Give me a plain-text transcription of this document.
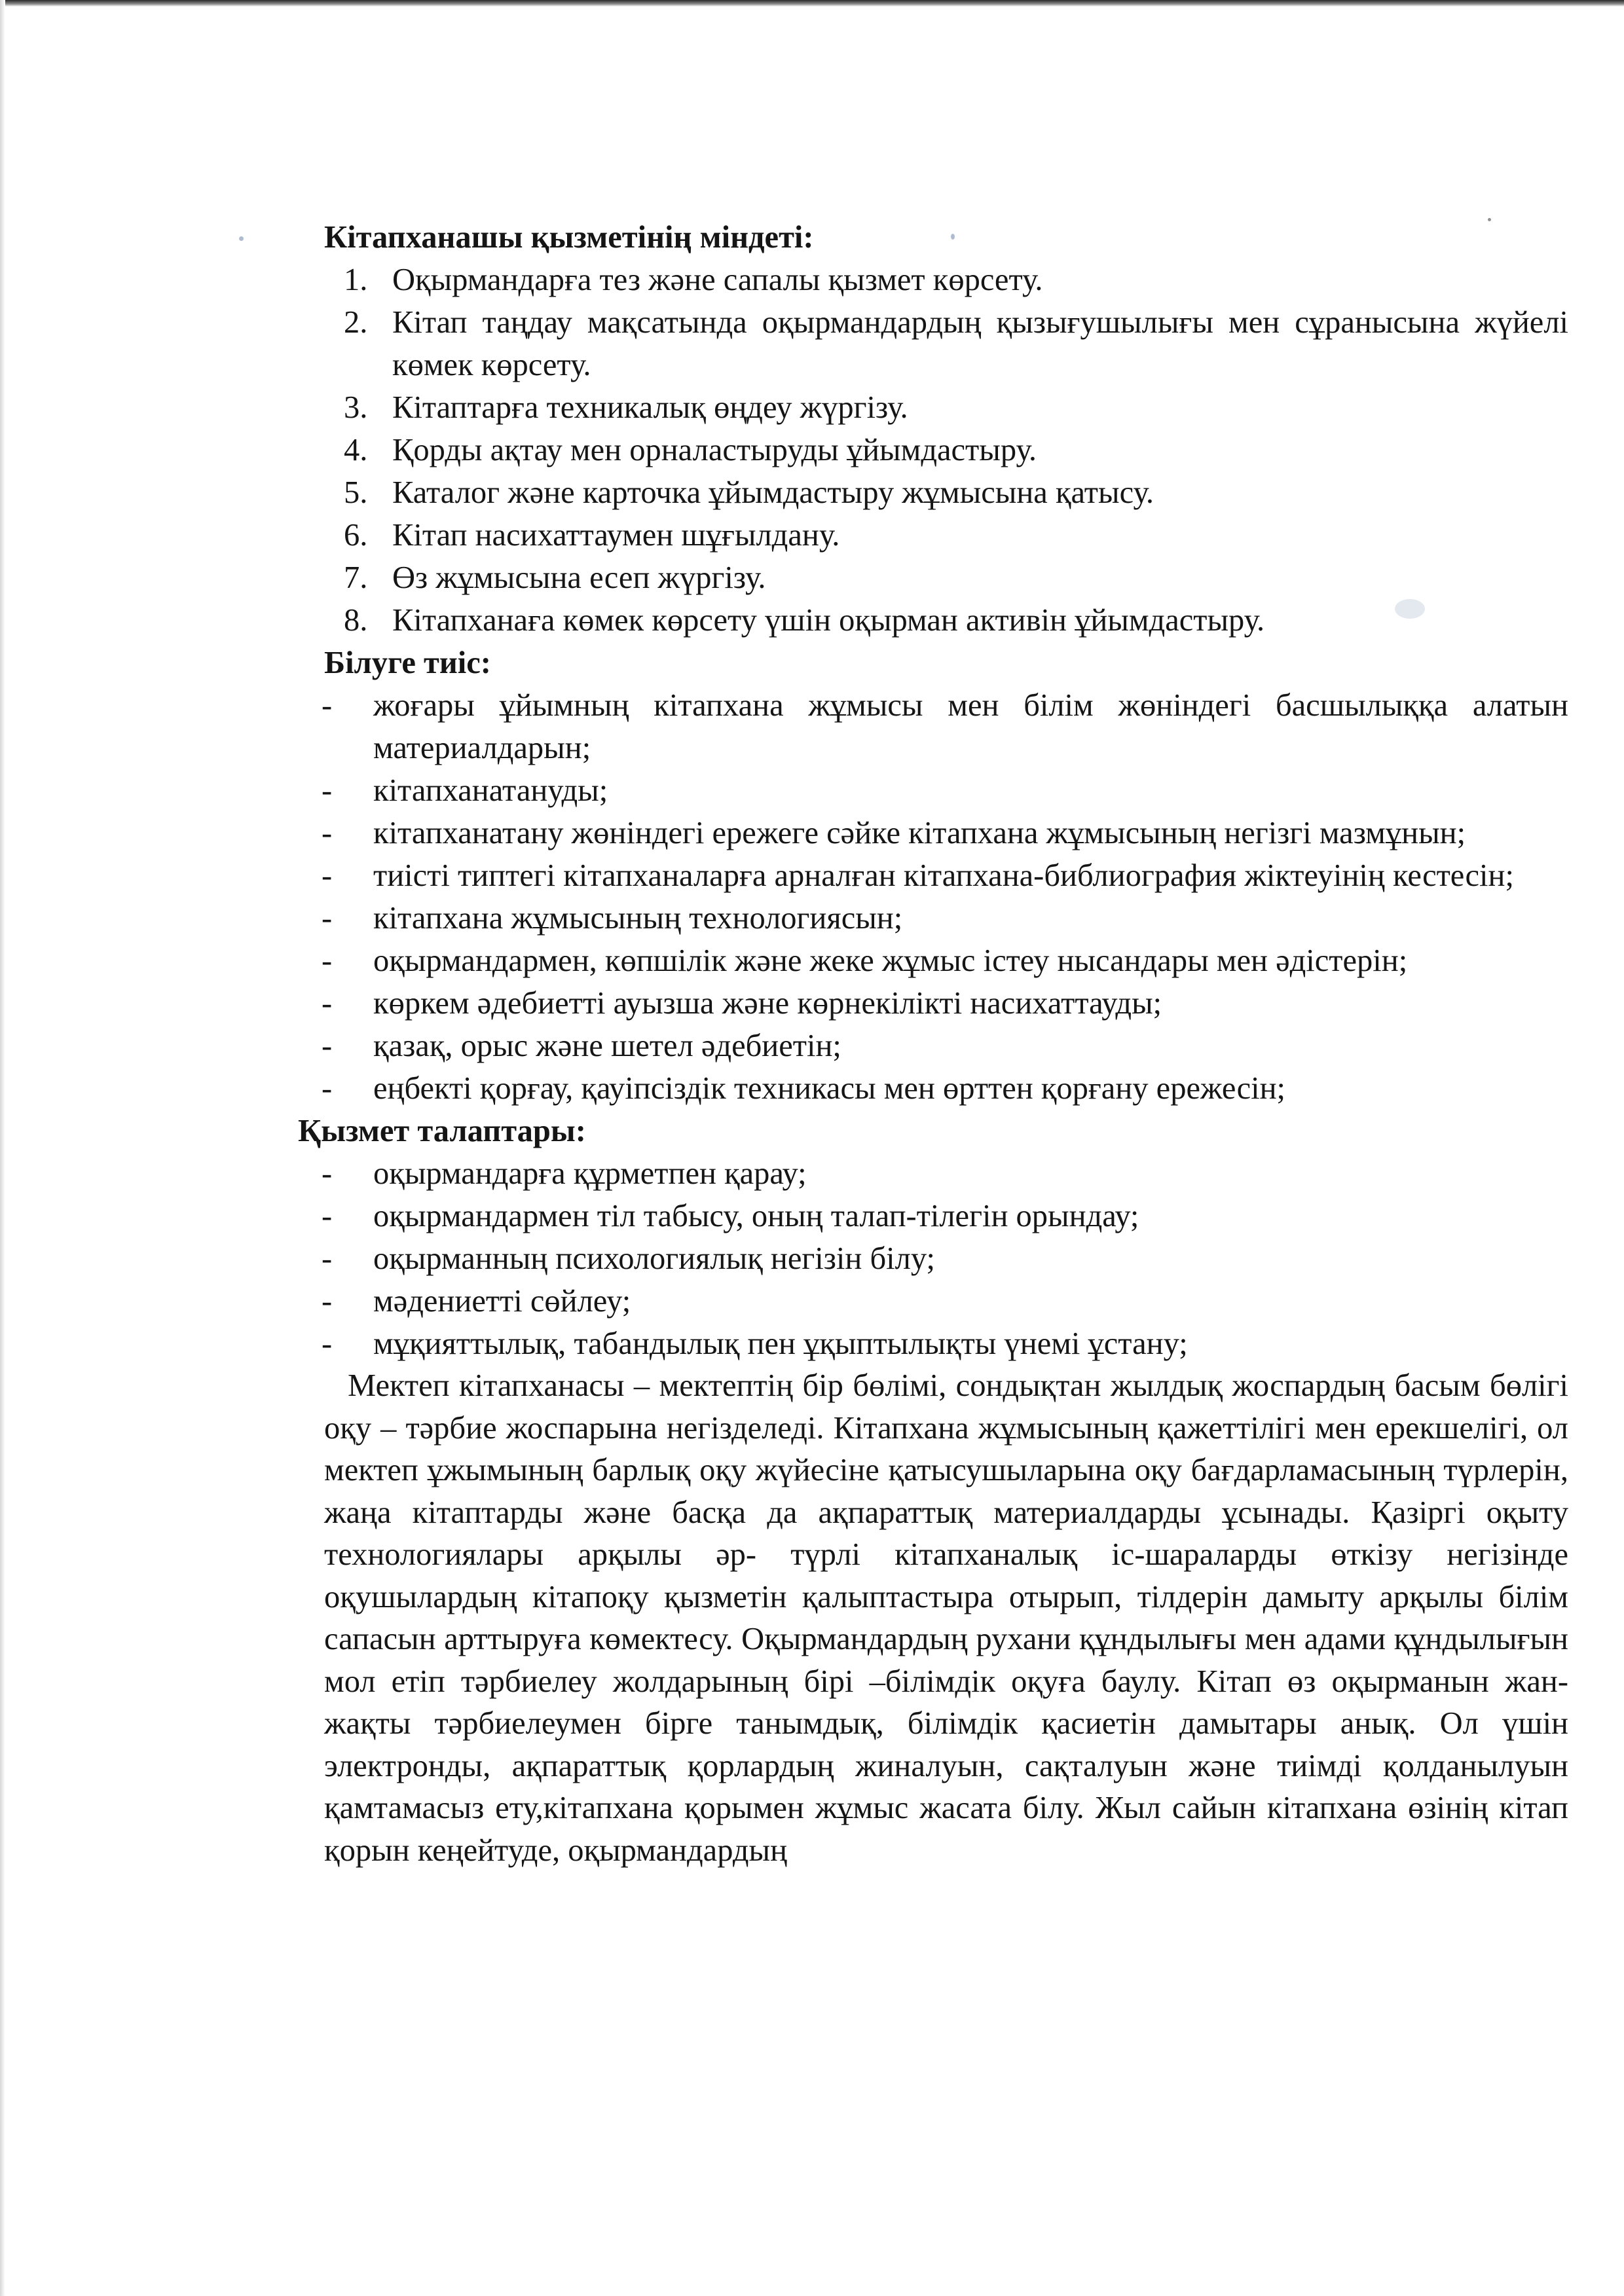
Кітапханашы қызметінің міндеті:

1. Оқырмандарға тез және сапалы қызмет көрсету.
2. Кітап таңдау мақсатында оқырмандардың қызығушылығы мен сұранысына жүйелі көмек көрсету.
3. Кітаптарға техникалық өңдеу жүргізу.
4. Қорды ақтау мен орналастыруды ұйымдастыру.
5. Каталог және карточка ұйымдастыру жұмысына қатысу.
6. Кітап насихаттаумен шұғылдану.
7. Өз жұмысына есеп жүргізу.
8. Кітапханаға көмек көрсету үшін оқырман активін ұйымдастыру.

Білуге тиіс:

- жоғары ұйымның кітапхана жұмысы мен білім жөніндегі басшылыққа алатын материалдарын;
- кітапханатануды;
- кітапханатану жөніндегі ережеге сәйке кітапхана жұмысының негізгі мазмұнын;
- тиісті типтегі кітапханаларға арналған кітапхана-библиография жіктеуінің кестесін;
- кітапхана жұмысының технологиясын;
- оқырмандармен, көпшілік және жеке жұмыс істеу нысандары мен әдістерін;
- көркем әдебиетті ауызша және көрнекілікті насихаттауды;
- қазақ, орыс және шетел әдебиетін;
- еңбекті қорғау, қауіпсіздік техникасы мен өрттен қорғану ережесін;

Қызмет талаптары:

- оқырмандарға құрметпен қарау;
- оқырмандармен тіл табысу, оның талап-тілегін орындау;
- оқырманның психологиялық негізін білу;
- мәдениетті сөйлеу;
- мұқияттылық, табандылық пен ұқыптылықты үнемі ұстану;

Мектеп кітапханасы – мектептің бір бөлімі, сондықтан жылдық жоспардың басым бөлігі оқу – тәрбие жоспарына негізделеді. Кітапхана жұмысының қажеттілігі мен ерекшелігі, ол мектеп ұжымының барлық оқу жүйесіне қатысушыларына оқу бағдарламасының түрлерін, жаңа кітаптарды және басқа да ақпараттық материалдарды ұсынады. Қазіргі оқыту технологиялары арқылы әр- түрлі кітапханалық іс-шараларды өткізу негізінде оқушылардың кітапоқу қызметін қалыптастыра отырып, тілдерін дамыту арқылы білім сапасын арттыруға көмектесу. Оқырмандардың рухани құндылығы мен адами құндылығын мол етіп тәрбиелеу жолдарының бірі –білімдік оқуға баулу. Кітап өз оқырманын жан- жақты тәрбиелеумен бірге танымдық, білімдік қасиетін дамытары анық. Ол үшін электронды, ақпараттық қорлардың жиналуын, сақталуын және тиімді қолданылуын қамтамасыз ету,кітапхана қорымен жұмыс жасата білу. Жыл сайын кітапхана өзінің кітап қорын кеңейтуде, оқырмандардың
